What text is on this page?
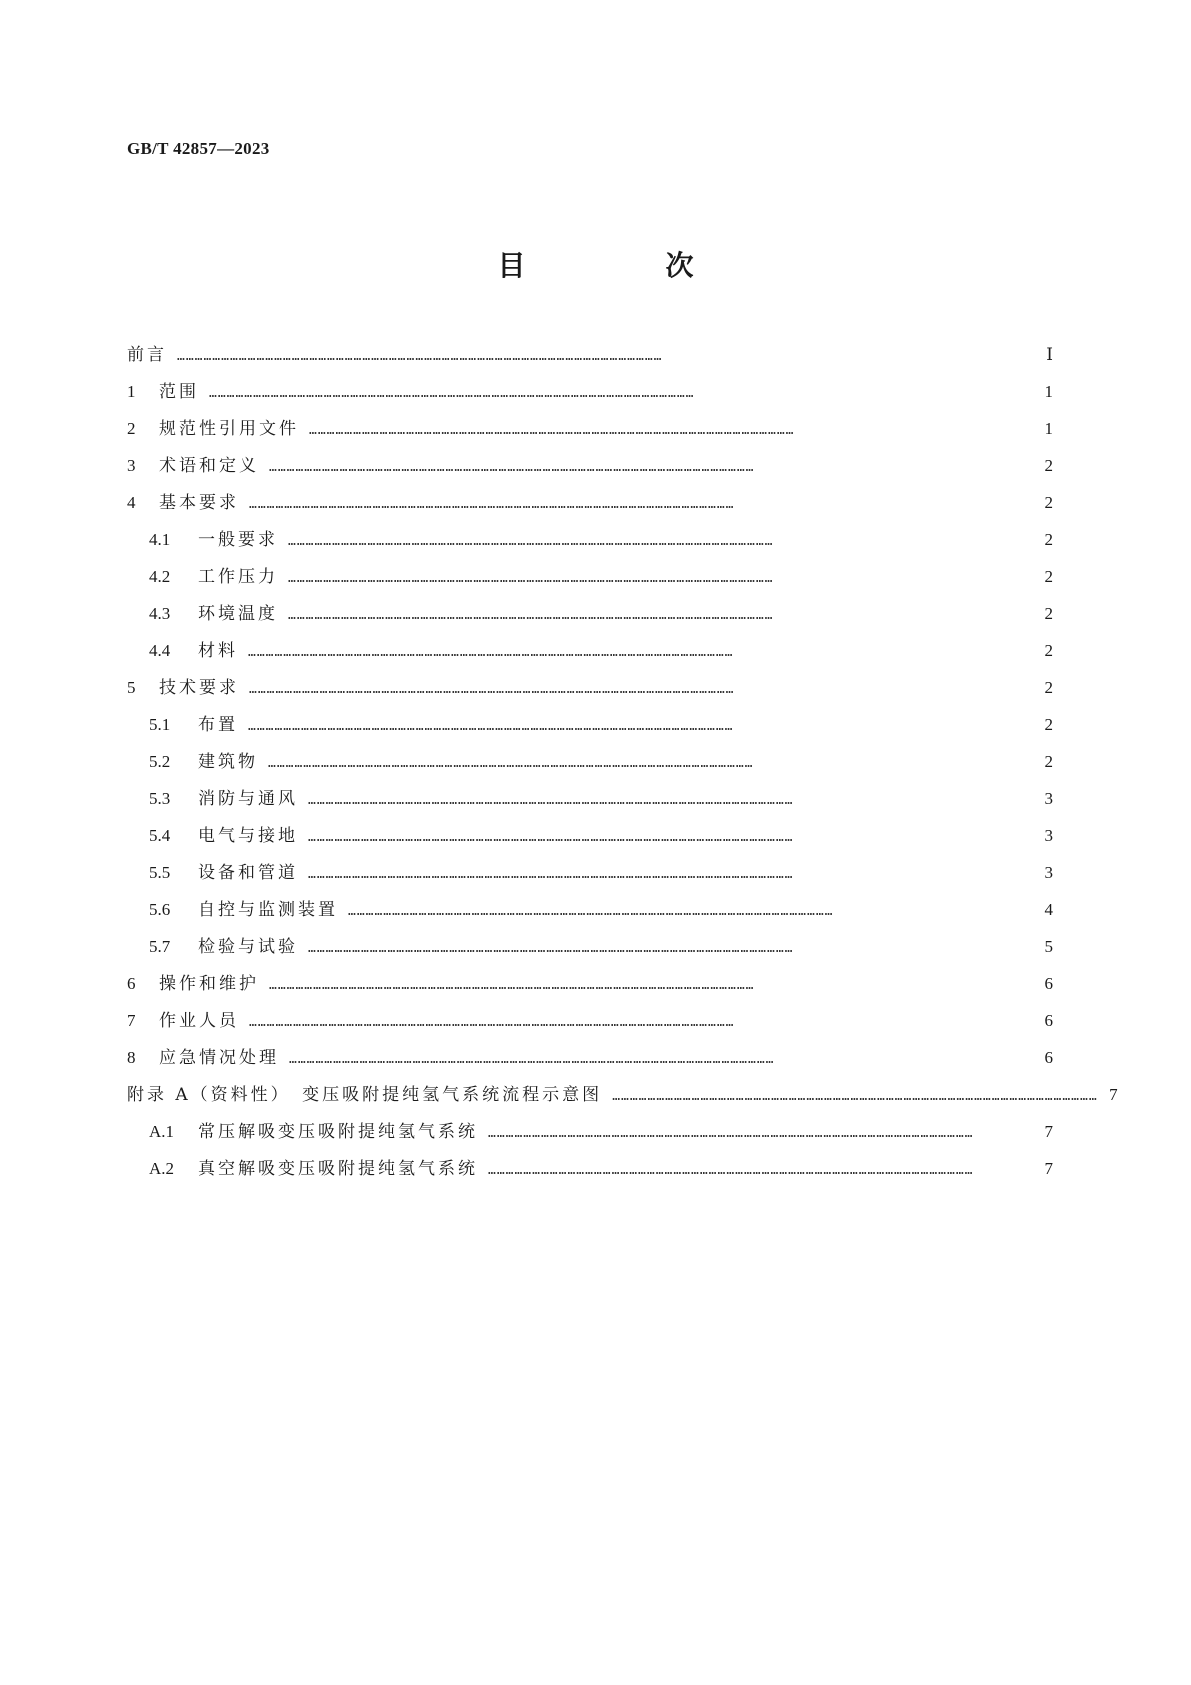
GB/T 42857—2023
目　次
前言 …………………………………………………………………………………………………………………………………………………	Ⅰ
1	范围 …………………………………………………………………………………………………………………………………………………	1
2	规范性引用文件 …………………………………………………………………………………………………………………………………………………	1
3	术语和定义 …………………………………………………………………………………………………………………………………………………	2
4	基本要求 …………………………………………………………………………………………………………………………………………………	2
4.1	一般要求 …………………………………………………………………………………………………………………………………………………	2
4.2	工作压力 …………………………………………………………………………………………………………………………………………………	2
4.3	环境温度 …………………………………………………………………………………………………………………………………………………	2
4.4	材料 …………………………………………………………………………………………………………………………………………………	2
5	技术要求 …………………………………………………………………………………………………………………………………………………	2
5.1	布置 …………………………………………………………………………………………………………………………………………………	2
5.2	建筑物 …………………………………………………………………………………………………………………………………………………	2
5.3	消防与通风 …………………………………………………………………………………………………………………………………………………	3
5.4	电气与接地 …………………………………………………………………………………………………………………………………………………	3
5.5	设备和管道 …………………………………………………………………………………………………………………………………………………	3
5.6	自控与监测装置 …………………………………………………………………………………………………………………………………………………	4
5.7	检验与试验 …………………………………………………………………………………………………………………………………………………	5
6	操作和维护 …………………………………………………………………………………………………………………………………………………	6
7	作业人员 …………………………………………………………………………………………………………………………………………………	6
8	应急情况处理 …………………………………………………………………………………………………………………………………………………	6
附录 A（资料性）　变压吸附提纯氢气系统流程示意图 ………………………………………………………………………………………………………………………………………………… 7
A.1	常压解吸变压吸附提纯氢气系统 …………………………………………………………………………………………………………………………………………………	7
A.2	真空解吸变压吸附提纯氢气系统 …………………………………………………………………………………………………………………………………………………	7
